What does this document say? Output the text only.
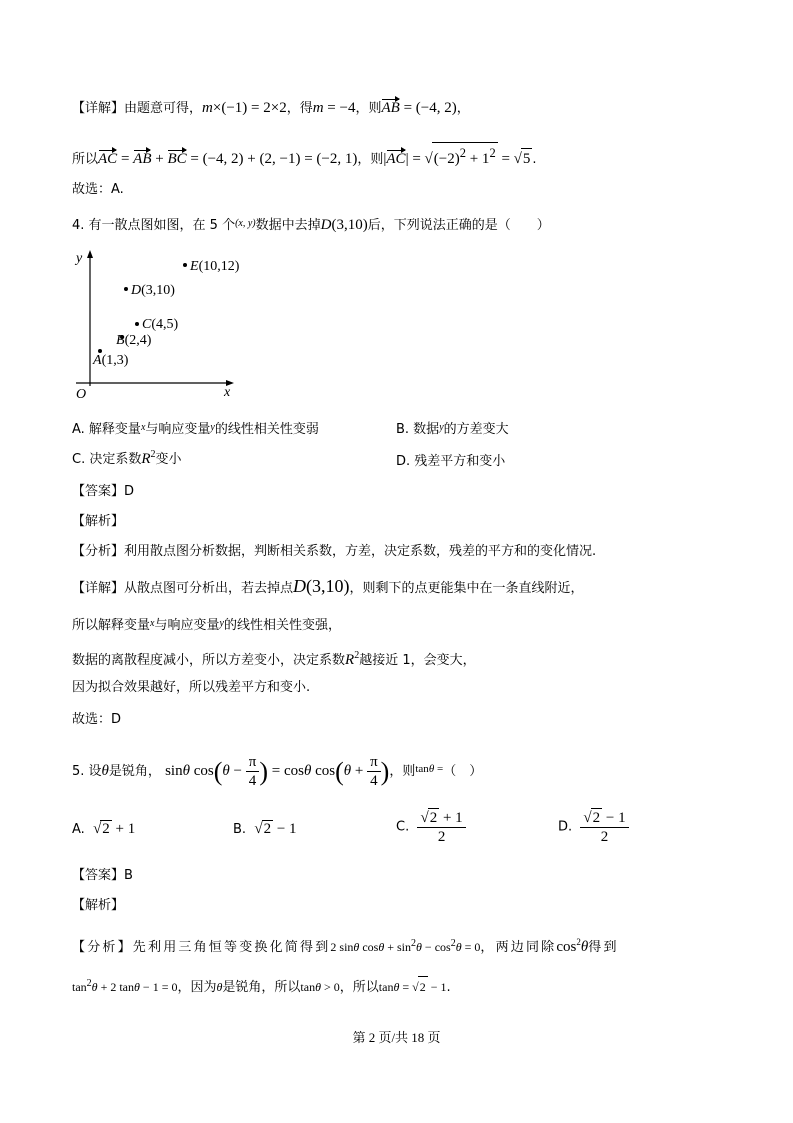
【详解】由题意可得，m×(−1) = 2×2，得m = −4，则AB = (−4, 2)，
所以AC = AB + BC = (−4, 2) + (2, −1) = (−2, 1)，则$|AC| = √(-2)^2 + 1^2 = √5$ .
故选：A.
4. 有一散点图如图，在 5 个$^{(x, y)}$数据中去掉D(3,10)后，下列说法正确的是（　　）
y
x
O
A(1,3)
B(2,4)
C(4,5)
D(3,10)
E(10,12)
A. 解释变量$^x$与响应变量$^y$的线性相关性变弱	B. 数据$^y$的方差变大
C. 决定系数$R^2$变小	D. 残差平方和变小
【答案】D
【解析】
【分析】利用散点图分析数据，判断相关系数，方差，决定系数，残差的平方和的变化情况.
【详解】从散点图可分析出，若去掉点D(3,10)，则剩下的点更能集中在一条直线附近，
所以解释变量$^x$与响应变量$^y$的线性相关性变强，
数据的离散程度减小，所以方差变小，决定系数$R^2$越接近 1，会变大，
因为拟合效果越好，所以残差平方和变小.
故选：D
5. 设θ是锐角， sinθ $\cos(\theta - \frac{\pi}{4}$ ) = cosθ $\cos(\theta + \frac{\pi}{4}$ )，则$^{tan\theta =}$（　）
A. √2 + 1	B. √2 − 1	C. $\frac{√2 + 1}{2}$	D. $\frac{√2 - 1}{2}$
【答案】B
【解析】
【分析】先利用三角恒等变换化简得到2 sinθ $\cos\theta + \sin^2\theta - \cos^2\theta = 0$，两边同除$\cos^2\theta$得到
$\tan^2\theta + 2$ tanθ − 1 = 0，因为θ是锐角，所以tanθ > 0，所以tanθ = √2 − 1.
第 2 页/共 18 页
